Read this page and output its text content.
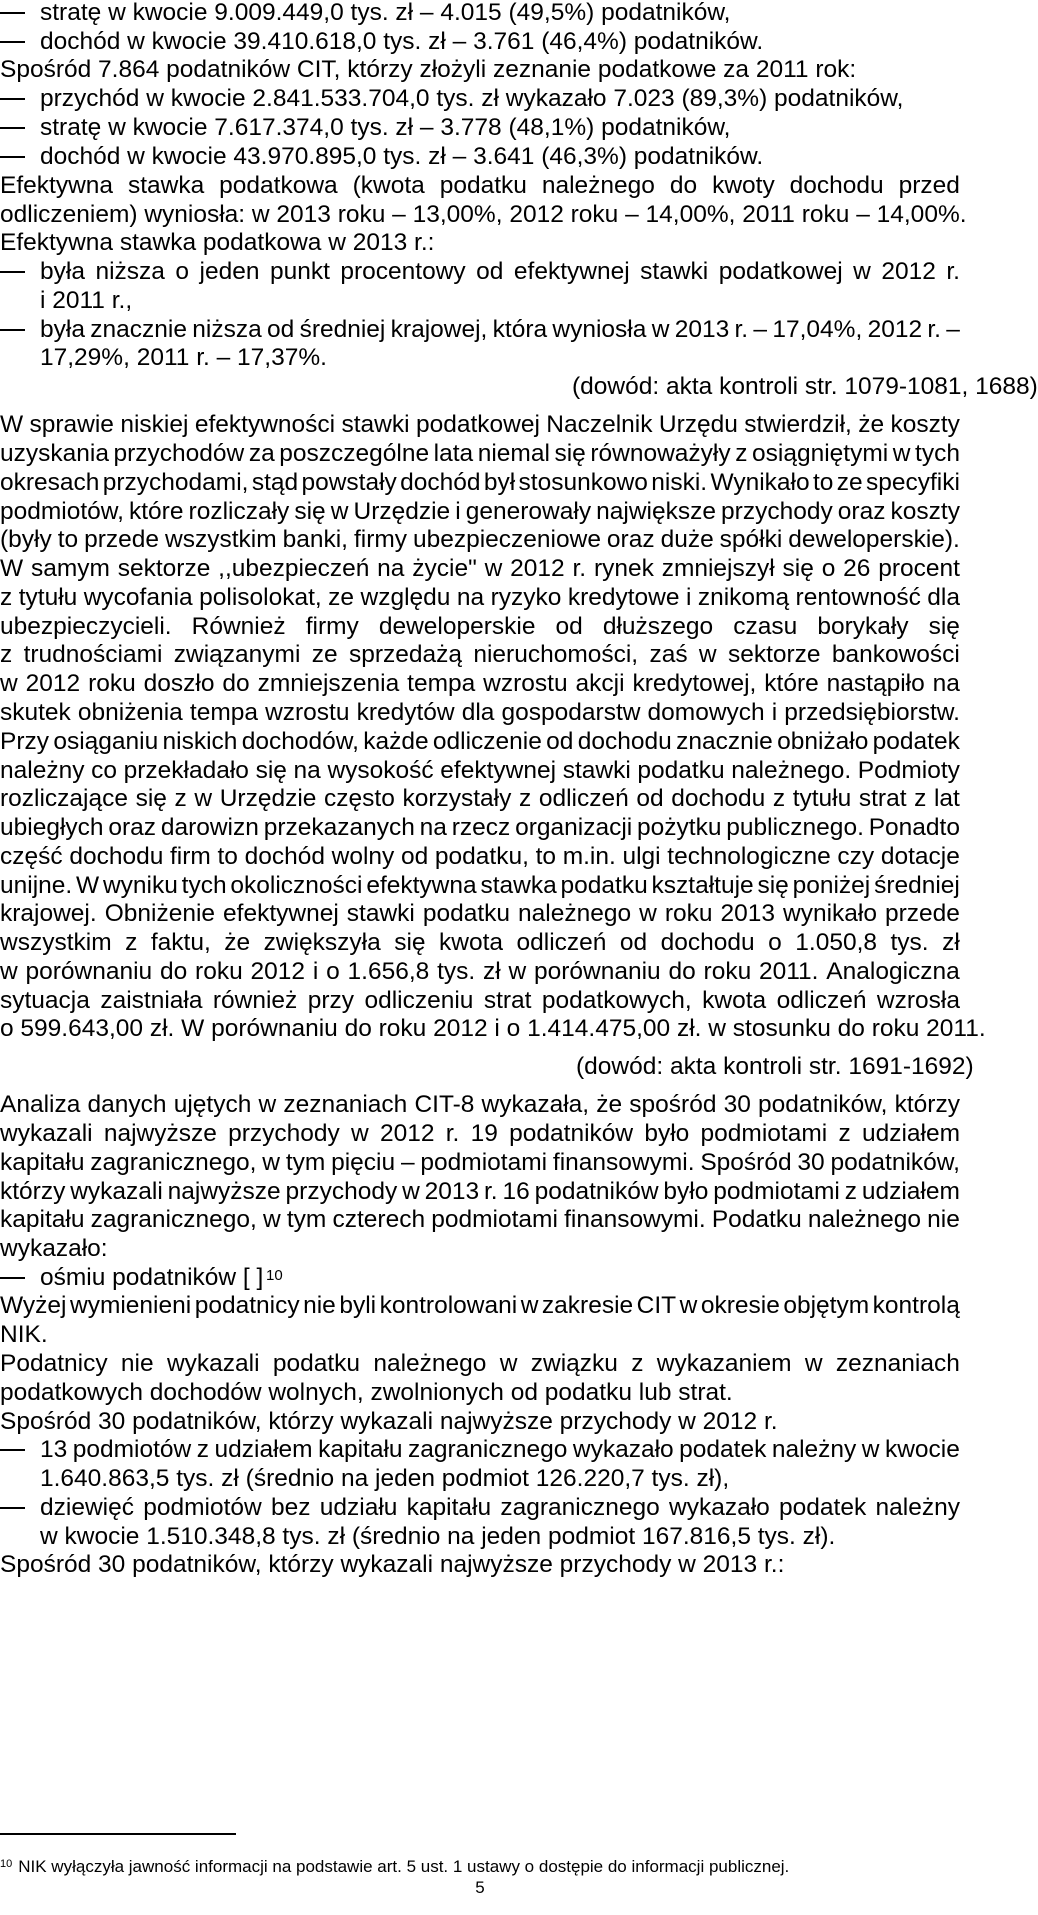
stratę w kwocie 9.009.449,0 tys. zł – 4.015 (49,5%) podatników,
dochód w kwocie 39.410.618,0 tys. zł – 3.761 (46,4%) podatników.
Spośród 7.864 podatników CIT, którzy złożyli zeznanie podatkowe za 2011 rok:
przychód w kwocie 2.841.533.704,0 tys. zł wykazało 7.023 (89,3%) podatników,
stratę w kwocie 7.617.374,0 tys. zł – 3.778 (48,1%) podatników,
dochód w kwocie 43.970.895,0 tys. zł – 3.641 (46,3%) podatników.
Efektywna stawka podatkowa (kwota podatku należnego do kwoty dochodu przed
odliczeniem) wyniosła: w 2013 roku – 13,00%, 2012 roku – 14,00%, 2011 roku – 14,00%.
Efektywna stawka podatkowa w 2013 r.:
była niższa o jeden punkt procentowy od efektywnej stawki podatkowej w 2012 r.
i 2011 r.,
była znacznie niższa od średniej krajowej, która wyniosła w 2013 r. – 17,04%, 2012 r. –
17,29%, 2011 r. – 17,37%.
(dowód: akta kontroli str. 1079-1081, 1688)
W sprawie niskiej efektywności stawki podatkowej Naczelnik Urzędu stwierdził, że koszty
uzyskania przychodów za poszczególne lata niemal się równoważyły z osiągniętymi w tych
okresach przychodami, stąd powstały dochód był stosunkowo niski. Wynikało to ze specyfiki
podmiotów, które rozliczały się w Urzędzie i generowały największe przychody oraz koszty
(były to przede wszystkim banki, firmy ubezpieczeniowe oraz duże spółki deweloperskie).
W samym sektorze ,,ubezpieczeń na życie" w 2012 r. rynek zmniejszył się o 26 procent
z tytułu wycofania polisolokat, ze względu na ryzyko kredytowe i znikomą rentowność dla
ubezpieczycieli. Również firmy deweloperskie od dłuższego czasu borykały się
z trudnościami związanymi ze sprzedażą nieruchomości, zaś w sektorze bankowości
w 2012 roku doszło do zmniejszenia tempa wzrostu akcji kredytowej, które nastąpiło na
skutek obniżenia tempa wzrostu kredytów dla gospodarstw domowych i przedsiębiorstw.
Przy osiąganiu niskich dochodów, każde odliczenie od dochodu znacznie obniżało podatek
należny co przekładało się na wysokość efektywnej stawki podatku należnego. Podmioty
rozliczające się z w Urzędzie często korzystały z odliczeń od dochodu z tytułu strat z lat
ubiegłych oraz darowizn przekazanych na rzecz organizacji pożytku publicznego. Ponadto
część dochodu firm to dochód wolny od podatku, to m.in. ulgi technologiczne czy dotacje
unijne. W wyniku tych okoliczności efektywna stawka podatku kształtuje się poniżej średniej
krajowej. Obniżenie efektywnej stawki podatku należnego w roku 2013 wynikało przede
wszystkim z faktu, że zwiększyła się kwota odliczeń od dochodu o 1.050,8 tys. zł
w porównaniu do roku 2012 i o 1.656,8 tys. zł w porównaniu do roku 2011. Analogiczna
sytuacja zaistniała również przy odliczeniu strat podatkowych, kwota odliczeń wzrosła
o 599.643,00 zł. W porównaniu do roku 2012 i o 1.414.475,00 zł. w stosunku do roku 2011.
(dowód: akta kontroli str. 1691-1692)
Analiza danych ujętych w zeznaniach CIT-8 wykazała, że spośród 30 podatników, którzy
wykazali najwyższe przychody w 2012 r. 19 podatników było podmiotami z udziałem
kapitału zagranicznego, w tym pięciu – podmiotami finansowymi. Spośród 30 podatników,
którzy wykazali najwyższe przychody w 2013 r. 16 podatników było podmiotami z udziałem
kapitału zagranicznego, w tym czterech podmiotami finansowymi. Podatku należnego nie
wykazało:
ośmiu podatników [ ] 10
Wyżej wymienieni podatnicy nie byli kontrolowani w zakresie CIT w okresie objętym kontrolą
NIK.
Podatnicy nie wykazali podatku należnego w związku z wykazaniem w zeznaniach
podatkowych dochodów wolnych, zwolnionych od podatku lub strat.
Spośród 30 podatników, którzy wykazali najwyższe przychody w 2012 r.
13 podmiotów z udziałem kapitału zagranicznego wykazało podatek należny w kwocie
1.640.863,5 tys. zł (średnio na jeden podmiot 126.220,7 tys. zł),
dziewięć podmiotów bez udziału kapitału zagranicznego wykazało podatek należny
w kwocie 1.510.348,8 tys. zł (średnio na jeden podmiot 167.816,5 tys. zł).
Spośród 30 podatników, którzy wykazali najwyższe przychody w 2013 r.:
$^{10}$ NIK wyłączyła jawność informacji na podstawie art. 5 ust. 1 ustawy o dostępie do informacji publicznej.
5
